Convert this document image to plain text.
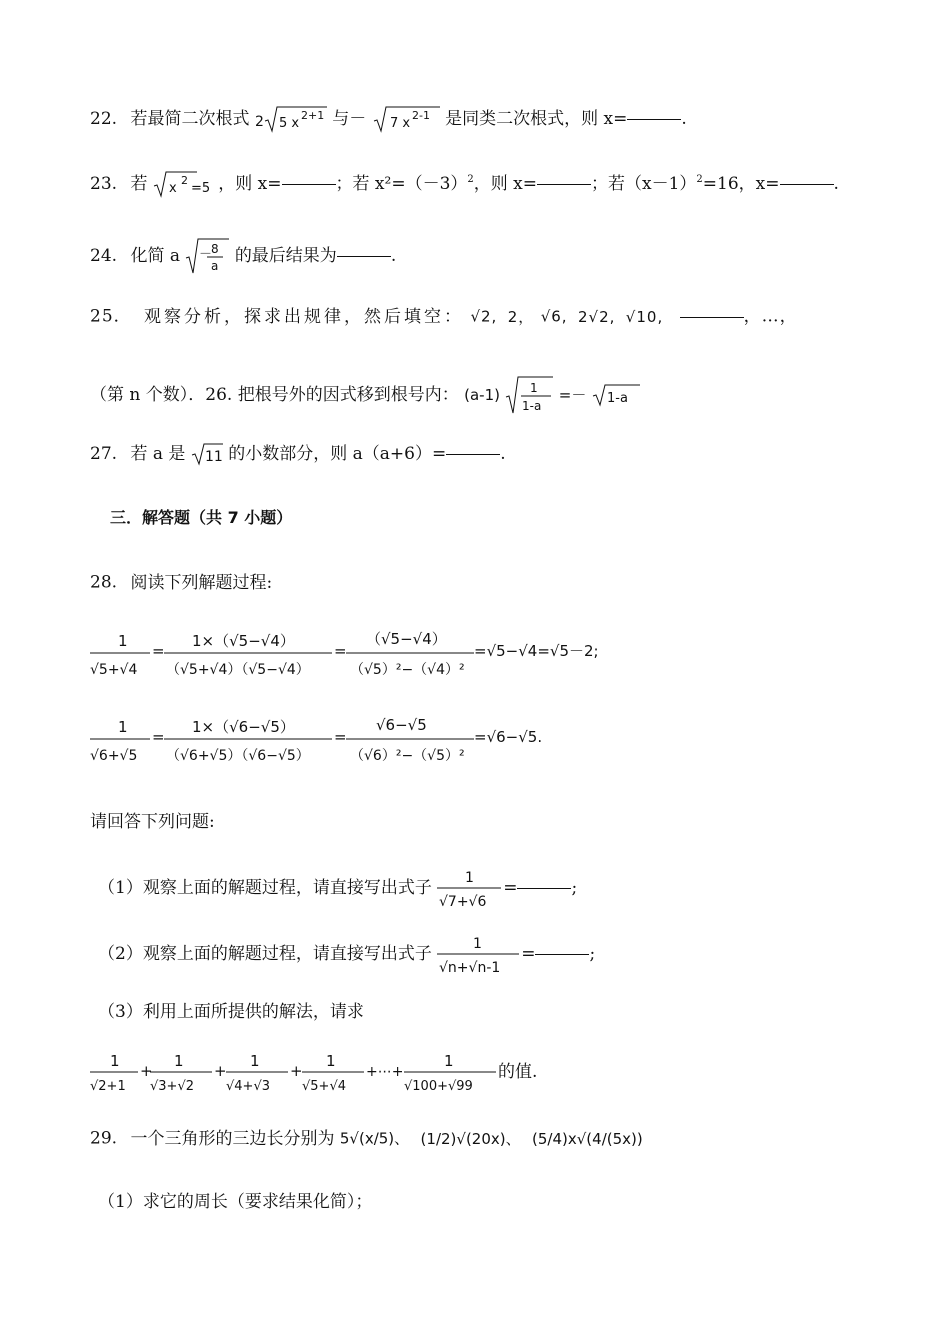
22. 若最简二次根式 2 5 x
2+1 与－ 7 x
2-1 是同类二次根式，则 x=	.
23. 若 x
2
=5 ，则 x=	；若 $x^2=(-3)^2$，则 x=	；若$(x-1)^2=16$，x=	.
24. 化简 a －
8
a 的最后结果为	.
25． 观察分析，探求出规律，然后填空： √2, 2， √6, 2√2, √10,	，…，
（第 n 个数）．26. 把根号外的因式移到根号内： (a-1)	1
1-a
=－ 1-a
27. 若 a 是 11 的小数部分，则 a（a+6）=	.
三．解答题（共 7 小题）
28. 阅读下列解题过程:
1
√5+√4
=
1×（√5−√4）
（√5+√4）（√5−√4）
=
（√5−√4）
（√5）²−（√4）²
=√5−√4=√5－2;
1
√6+√5
=
1×（√6−√5）
（√6+√5）（√6−√5）
=
√6−√5
（√6）²−（√5）²
=√6−√5.
请回答下列问题:
（1）观察上面的解题过程，请直接写出式子 1
√7+√6
=	;
（2）观察上面的解题过程，请直接写出式子	1
√n+√n-1
=	;
（3）利用上面所提供的解法，请求
1
√2+1
+
1
√3+√2
+
1
√4+√3
+
1
√5+√4
+⋯+
1
√100+√99
的值.
29. 一个三角形的三边长分别为 5√(x/5)、 (1/2)√(20x)、 (5/4)x√(4/(5x))
（1）求它的周长（要求结果化简）；
